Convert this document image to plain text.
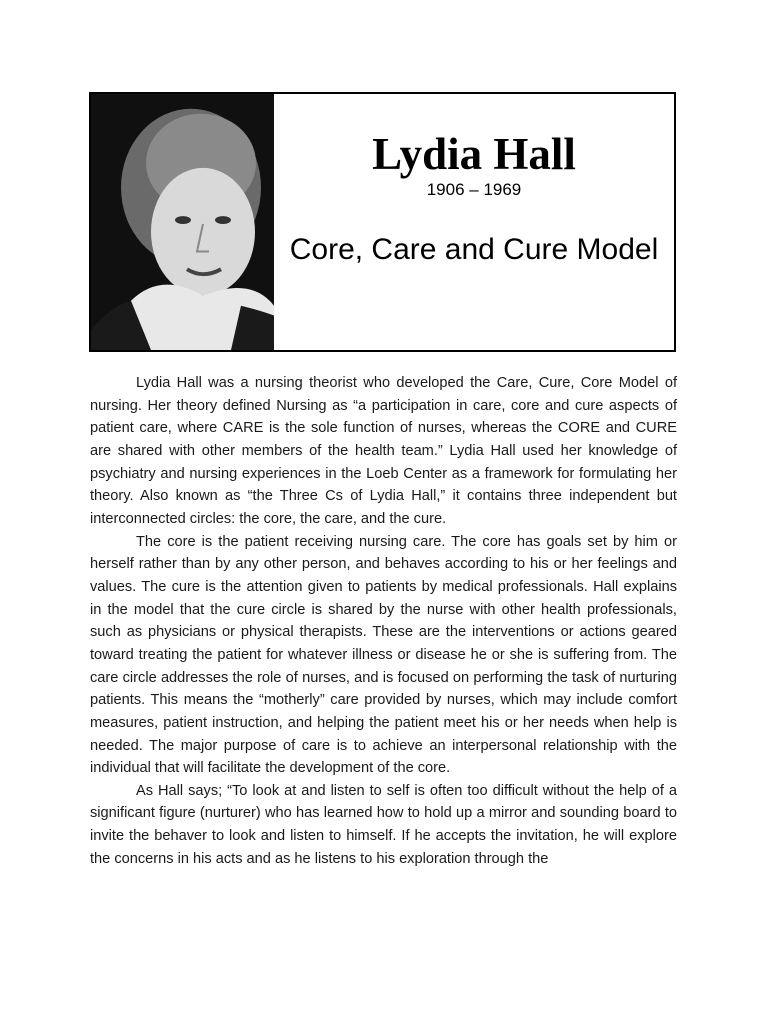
Lydia Hall
1906 – 1969
Core, Care and Cure Model

Lydia Hall was a nursing theorist who developed the Care, Cure, Core Model of nursing. Her theory defined Nursing as “a participation in care, core and cure aspects of patient care, where CARE is the sole function of nurses, whereas the CORE and CURE are shared with other members of the health team.” Lydia Hall used her knowledge of psychiatry and nursing experiences in the Loeb Center as a framework for formulating her theory. Also known as “the Three Cs of Lydia Hall,” it contains three independent but interconnected circles: the core, the care, and the cure.

The core is the patient receiving nursing care. The core has goals set by him or herself rather than by any other person, and behaves according to his or her feelings and values. The cure is the attention given to patients by medical professionals. Hall explains in the model that the cure circle is shared by the nurse with other health professionals, such as physicians or physical therapists. These are the interventions or actions geared toward treating the patient for whatever illness or disease he or she is suffering from. The care circle addresses the role of nurses, and is focused on performing the task of nurturing patients. This means the “motherly” care provided by nurses, which may include comfort measures, patient instruction, and helping the patient meet his or her needs when help is needed. The major purpose of care is to achieve an interpersonal relationship with the individual that will facilitate the development of the core.

As Hall says; “To look at and listen to self is often too difficult without the help of a significant figure (nurturer) who has learned how to hold up a mirror and sounding board to invite the behaver to look and listen to himself. If he accepts the invitation, he will explore the concerns in his acts and as he listens to his exploration through the
